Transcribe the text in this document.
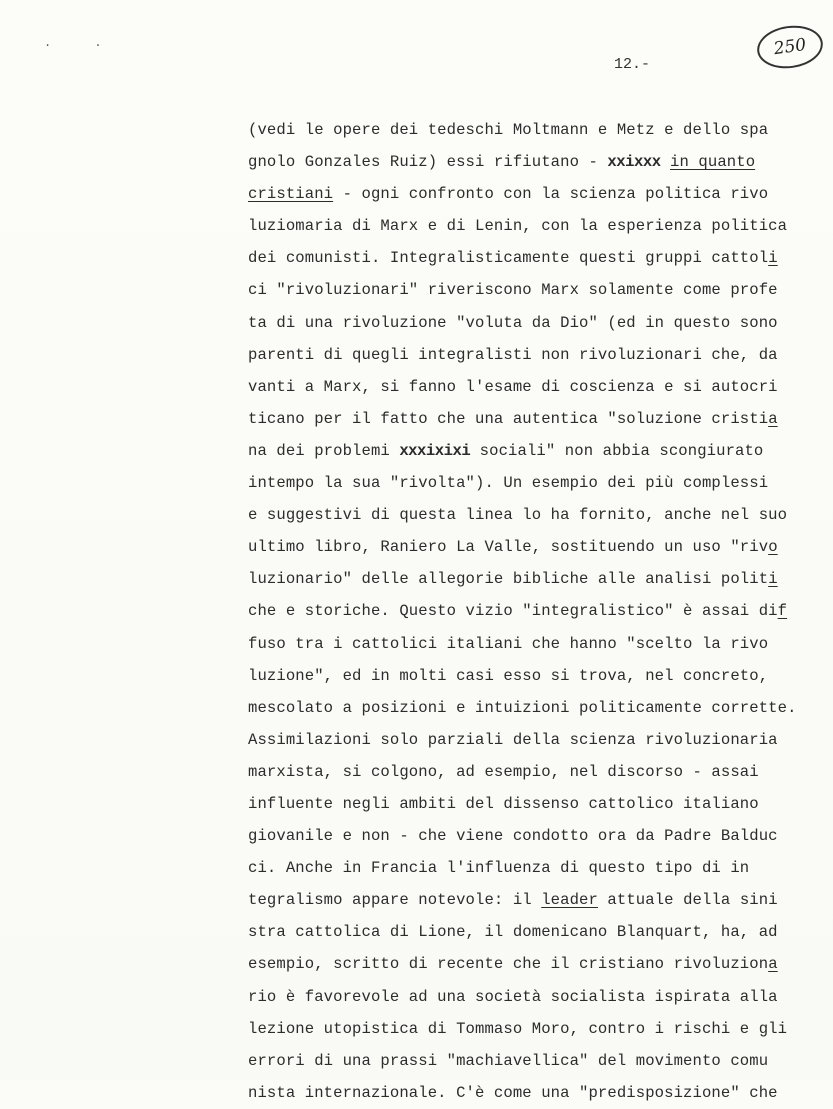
. .	250
12.-
(vedi le opere dei tedeschi Moltmann e Metz e dello spa
gnolo Gonzales Ruiz) essi rifiutano - xxixxx in quanto
cristiani - ogni confronto con la scienza politica rivo
luziomaria di Marx e di Lenin, con la esperienza politica
dei comunisti. Integralisticamente questi gruppi cattoli
ci "rivoluzionari" riveriscono Marx solamente come profe
ta di una rivoluzione "voluta da Dio" (ed in questo sono
parenti di quegli integralisti non rivoluzionari che, da
vanti a Marx, si fanno l'esame di coscienza e si autocri
ticano per il fatto che una autentica "soluzione cristia
na dei problemi xxxixixi sociali" non abbia scongiurato
intempo la sua "rivolta"). Un esempio dei più complessi
e suggestivi di questa linea lo ha fornito, anche nel suo
ultimo libro, Raniero La Valle, sostituendo un uso "rivo
luzionario" delle allegorie bibliche alle analisi politi
che e storiche. Questo vizio "integralistico" è assai dif
fuso tra i cattolici italiani che hanno "scelto la rivo
luzione", ed in molti casi esso si trova, nel concreto,
mescolato a posizioni e intuizioni politicamente corrette.
Assimilazioni solo parziali della scienza rivoluzionaria
marxista, si colgono, ad esempio, nel discorso - assai
influente negli ambiti del dissenso cattolico italiano
giovanile e non - che viene condotto ora da Padre Balduc
ci. Anche in Francia l'influenza di questo tipo di in
tegralismo appare notevole: il leader attuale della sini
stra cattolica di Lione, il domenicano Blanquart, ha, ad
esempio, scritto di recente che il cristiano rivoluziona
rio è favorevole ad una società socialista ispirata alla
lezione utopistica di Tommaso Moro, contro i rischi e gli
errori di una prassi "machiavellica" del movimento comu
nista internazionale. C'è come una "predisposizione" che
